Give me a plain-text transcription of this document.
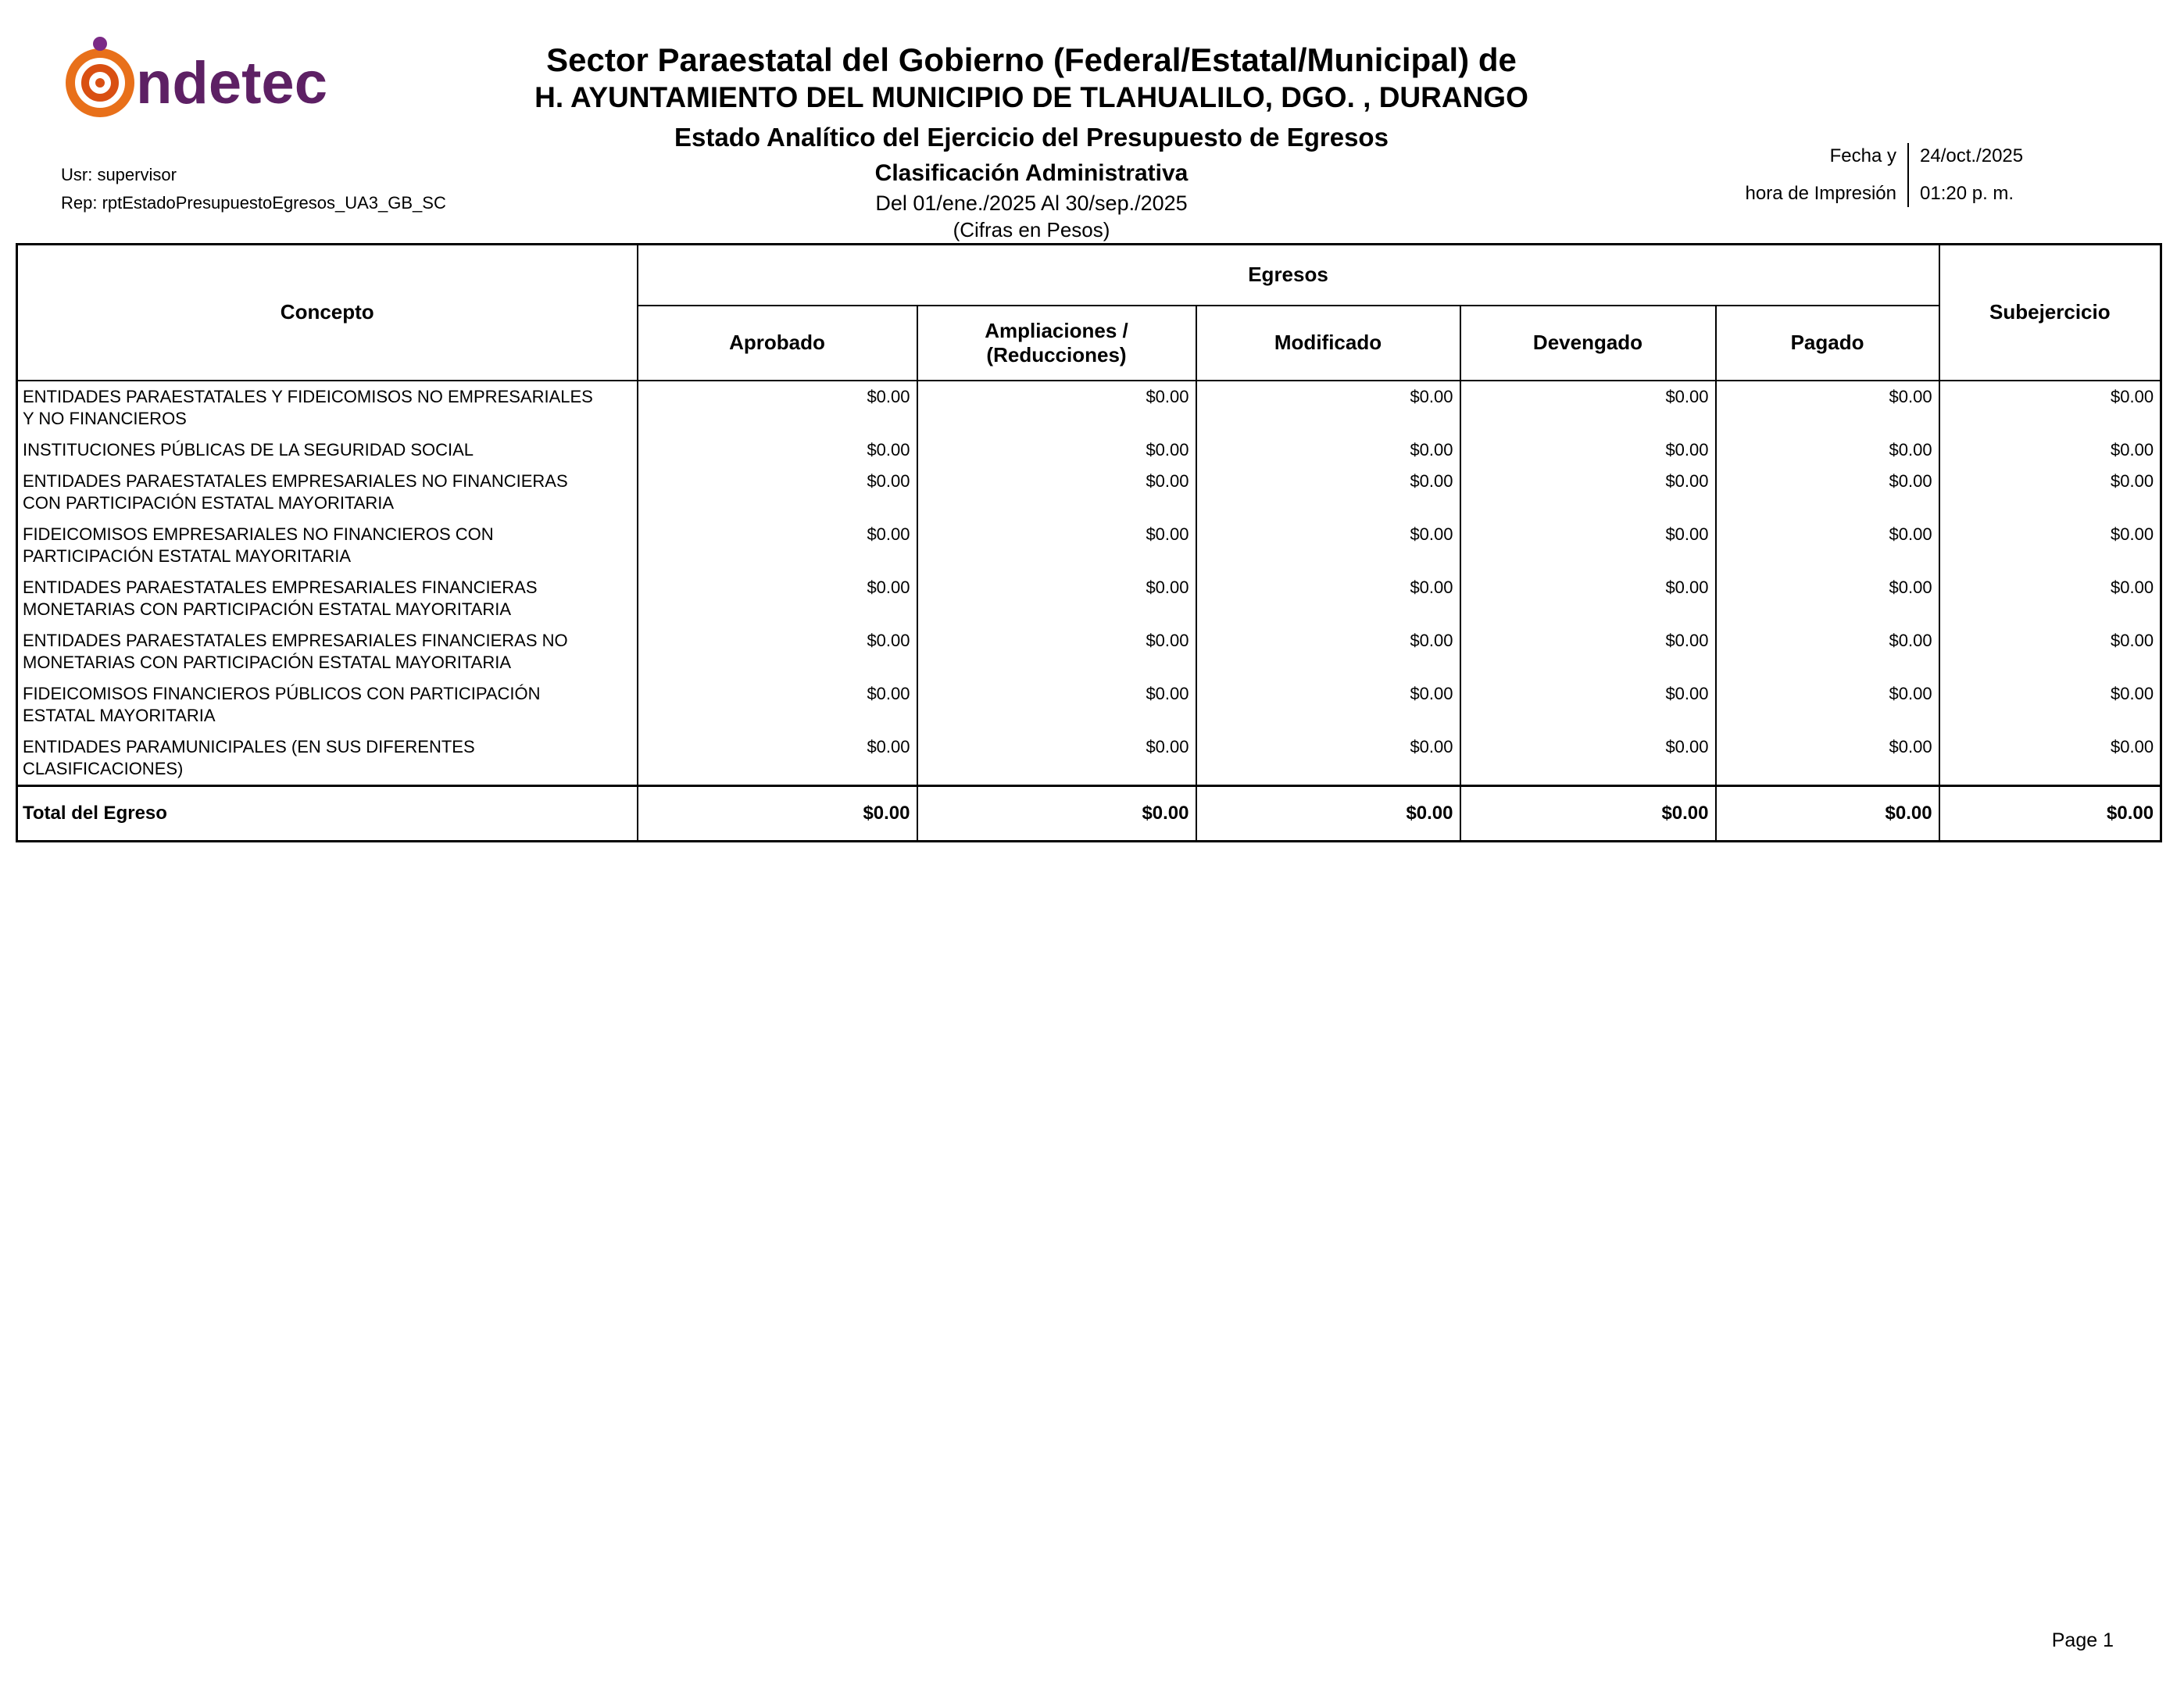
ndetec
Usr: supervisor
Rep: rptEstadoPresupuestoEgresos_UA3_GB_SC
Sector Paraestatal del Gobierno (Federal/Estatal/Municipal) de
H. AYUNTAMIENTO DEL MUNICIPIO DE TLAHUALILO, DGO. , DURANGO
Estado Analítico del Ejercicio del Presupuesto de Egresos
Clasificación Administrativa
Del 01/ene./2025 Al 30/sep./2025
(Cifras en Pesos)
Fecha y
hora de Impresión
24/oct./2025
01:20 p. m.
Concepto	Egresos					Subejercicio
	Aprobado	Ampliaciones / (Reducciones)	Modificado	Devengado	Pagado	
ENTIDADES PARAESTATALES Y FIDEICOMISOS NO EMPRESARIALES Y NO FINANCIEROS	$0.00	$0.00	$0.00	$0.00	$0.00	$0.00
INSTITUCIONES PÚBLICAS DE LA SEGURIDAD SOCIAL	$0.00	$0.00	$0.00	$0.00	$0.00	$0.00
ENTIDADES PARAESTATALES EMPRESARIALES NO FINANCIERAS CON PARTICIPACIÓN ESTATAL MAYORITARIA	$0.00	$0.00	$0.00	$0.00	$0.00	$0.00
FIDEICOMISOS EMPRESARIALES NO FINANCIEROS CON PARTICIPACIÓN ESTATAL MAYORITARIA	$0.00	$0.00	$0.00	$0.00	$0.00	$0.00
ENTIDADES PARAESTATALES EMPRESARIALES FINANCIERAS MONETARIAS CON PARTICIPACIÓN ESTATAL MAYORITARIA	$0.00	$0.00	$0.00	$0.00	$0.00	$0.00
ENTIDADES PARAESTATALES EMPRESARIALES FINANCIERAS NO MONETARIAS CON PARTICIPACIÓN ESTATAL MAYORITARIA	$0.00	$0.00	$0.00	$0.00	$0.00	$0.00
FIDEICOMISOS FINANCIEROS PÚBLICOS CON PARTICIPACIÓN ESTATAL MAYORITARIA	$0.00	$0.00	$0.00	$0.00	$0.00	$0.00
ENTIDADES PARAMUNICIPALES (EN SUS DIFERENTES CLASIFICACIONES)	$0.00	$0.00	$0.00	$0.00	$0.00	$0.00
Total del Egreso	$0.00	$0.00	$0.00	$0.00	$0.00	$0.00
Page 1
